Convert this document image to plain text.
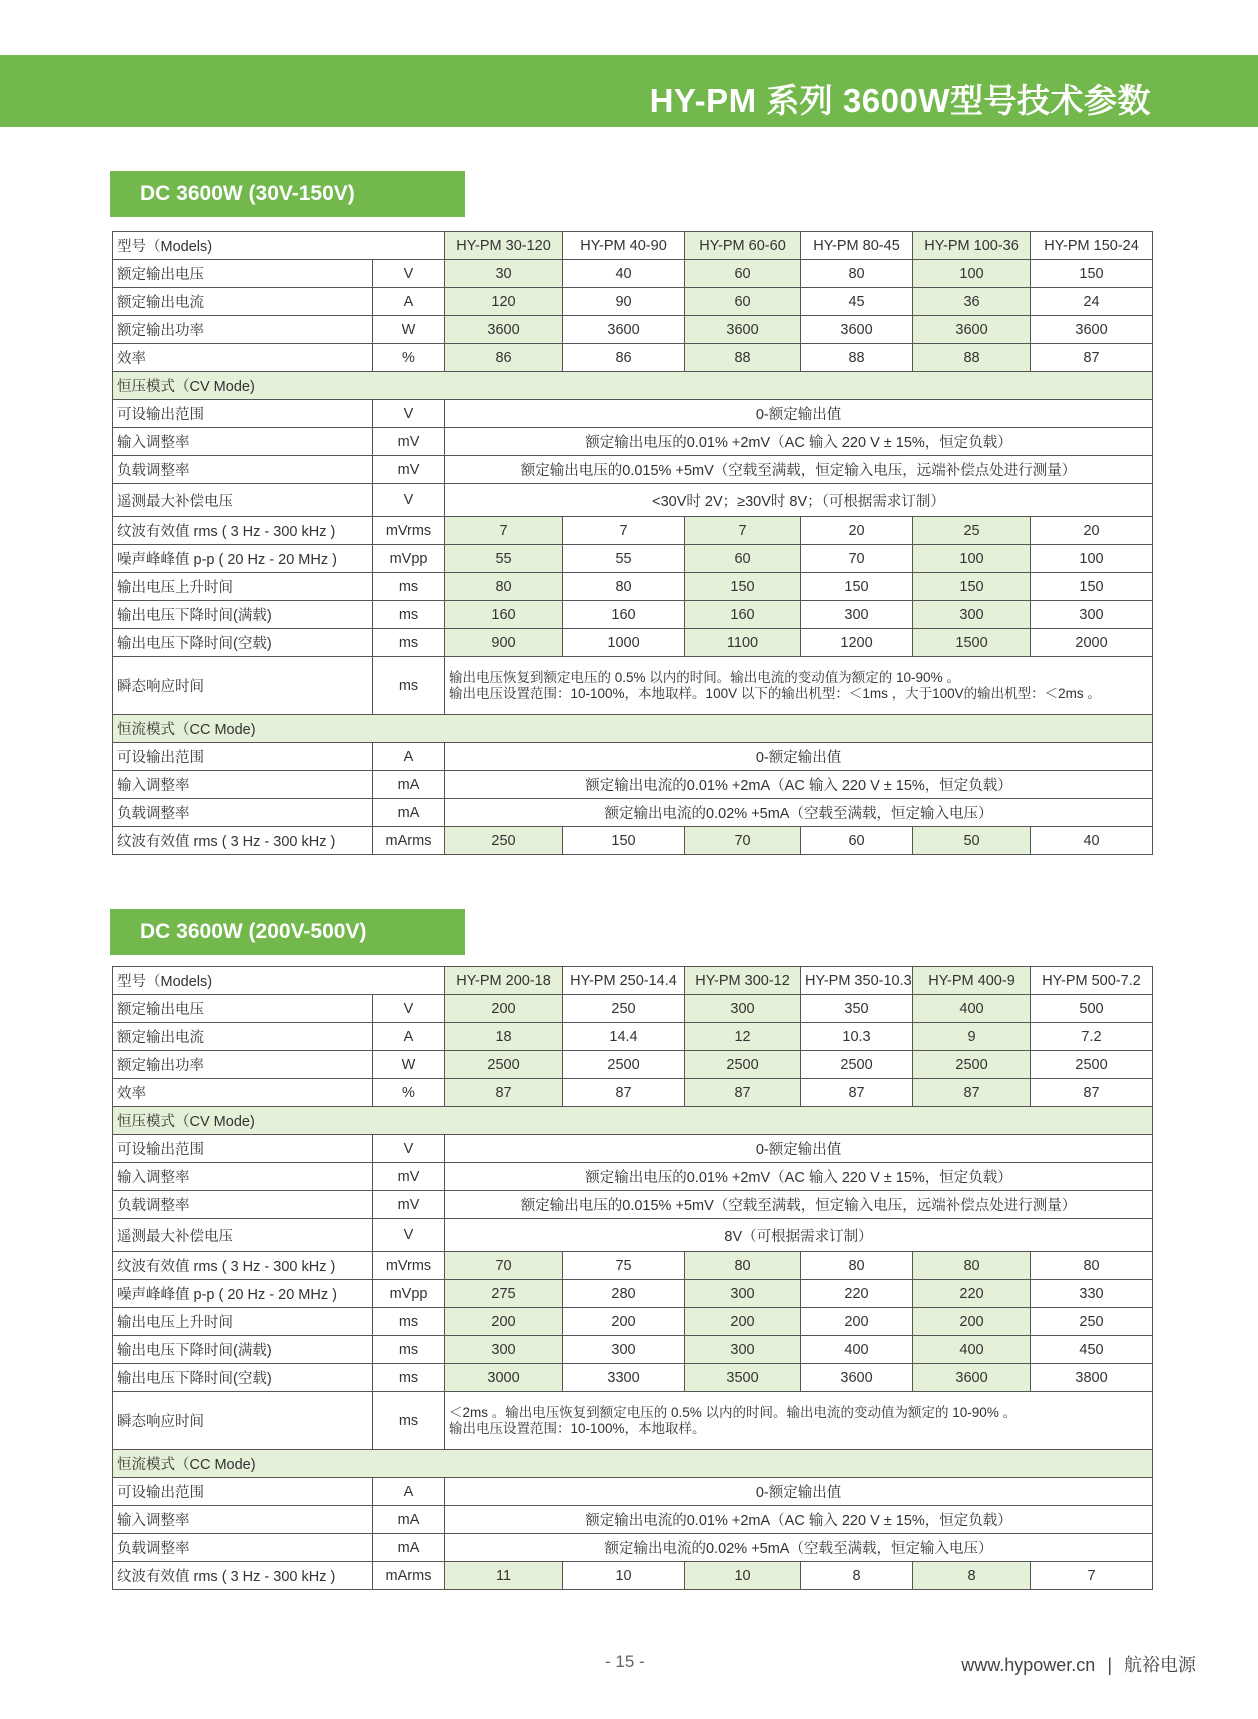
HY-PM 系列 3600W型号技术参数
DC 3600W (30V-150V)
型号（Models)		HY-PM 30-120	HY-PM 40-90	HY-PM 60-60	HY-PM 80-45	HY-PM 100-36	HY-PM 150-24
额定输出电压	V	30	40	60	80	100	150
额定输出电流	A	120	90	60	45	36	24
额定输出功率	W	3600	3600	3600	3600	3600	3600
效率	%	86	86	88	88	88	87
恒压模式（CV Mode)							
可设输出范围	V	0-额定输出值					
输入调整率	mV	额定输出电压的0.01% +2mV（AC 输入 220 V ± 15%，恒定负载）					
负载调整率	mV	额定输出电压的0.015% +5mV（空载至满载，恒定输入电压，远端补偿点处进行测量）					
遥测最大补偿电压	V	<30V时 2V；≥30V时 8V；（可根据需求订制）					
纹波有效值 rms ( 3 Hz - 300 kHz )	mVrms	7	7	7	20	25	20
噪声峰峰值 p-p ( 20 Hz - 20 MHz )	mVpp	55	55	60	70	100	100
输出电压上升时间	ms	80	80	150	150	150	150
输出电压下降时间(满载)	ms	160	160	160	300	300	300
输出电压下降时间(空载)	ms	900	1000	1100	1200	1500	2000
瞬态响应时间	ms	输出电压恢复到额定电压的 0.5% 以内的时间。输出电流的变动值为额定的 10-90% 。
输出电压设置范围：10-100%，本地取样。100V 以下的输出机型：＜1ms ，大于100V的输出机型：＜2ms 。					

恒流模式（CC Mode)							
可设输出范围	A	0-额定输出值					
输入调整率	mA	额定输出电流的0.01% +2mA（AC 输入 220 V ± 15%，恒定负载）					
负载调整率	mA	额定输出电流的0.02% +5mA（空载至满载，恒定输入电压）					
纹波有效值 rms ( 3 Hz - 300 kHz )	mArms	250	150	70	60	50	40
DC 3600W (200V-500V)
型号（Models)		HY-PM 200-18	HY-PM 250-14.4	HY-PM 300-12	HY-PM 350-10.3	HY-PM 400-9	HY-PM 500-7.2
额定输出电压	V	200	250	300	350	400	500
额定输出电流	A	18	14.4	12	10.3	9	7.2
额定输出功率	W	2500	2500	2500	2500	2500	2500
效率	%	87	87	87	87	87	87
恒压模式（CV Mode)							
可设输出范围	V	0-额定输出值					
输入调整率	mV	额定输出电压的0.01% +2mV（AC 输入 220 V ± 15%，恒定负载）					
负载调整率	mV	额定输出电压的0.015% +5mV（空载至满载，恒定输入电压，远端补偿点处进行测量）					
遥测最大补偿电压	V	8V（可根据需求订制）					
纹波有效值 rms ( 3 Hz - 300 kHz )	mVrms	70	75	80	80	80	80
噪声峰峰值 p-p ( 20 Hz - 20 MHz )	mVpp	275	280	300	220	220	330
输出电压上升时间	ms	200	200	200	200	200	250
输出电压下降时间(满载)	ms	300	300	300	400	400	450
输出电压下降时间(空载)	ms	3000	3300	3500	3600	3600	3800
瞬态响应时间	ms	＜2ms 。输出电压恢复到额定电压的 0.5% 以内的时间。输出电流的变动值为额定的 10-90% 。
输出电压设置范围：10-100%，本地取样。					

恒流模式（CC Mode)							
可设输出范围	A	0-额定输出值					
输入调整率	mA	额定输出电流的0.01% +2mA（AC 输入 220 V ± 15%，恒定负载）					
负载调整率	mA	额定输出电流的0.02% +5mA（空载至满载，恒定输入电压）					
纹波有效值 rms ( 3 Hz - 300 kHz )	mArms	11	10	10	8	8	7
- 15 -	www.hypower.cn | 航裕电源
